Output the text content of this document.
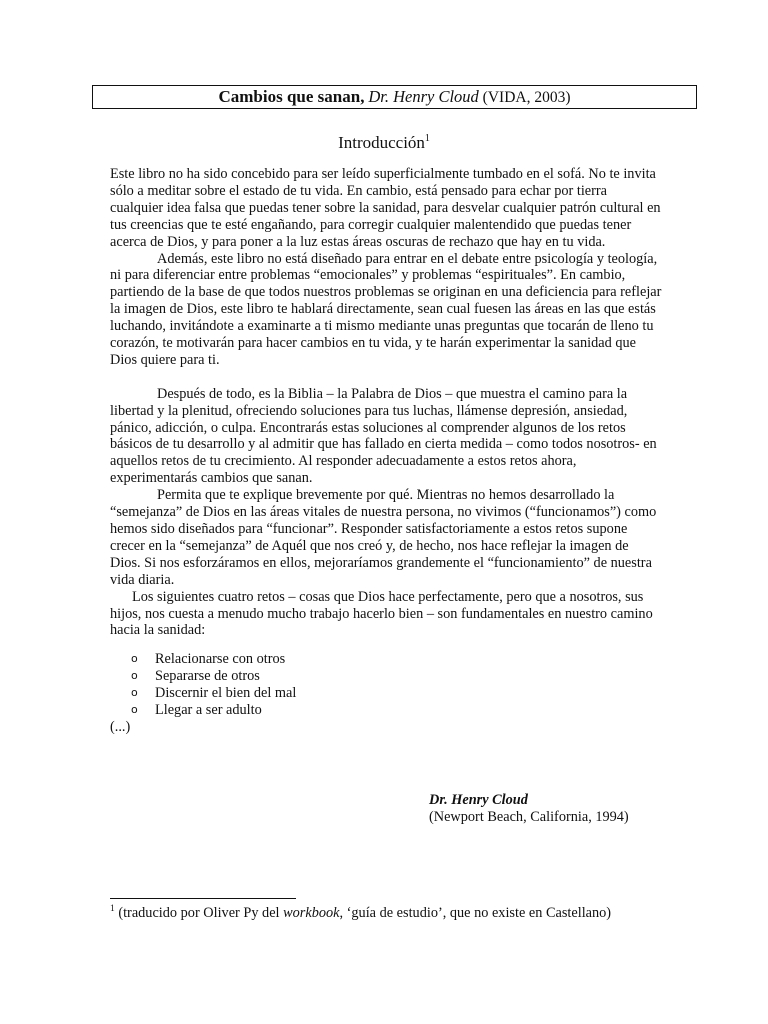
Cambios que sanan, Dr. Henry Cloud (VIDA, 2003)
Introducción$^1$

Este libro no ha sido concebido para ser leído superficialmente tumbado en el sofá. No te invita sólo a meditar sobre el estado de tu vida. En cambio, está pensado para echar por tierra cualquier idea falsa que puedas tener sobre la sanidad, para desvelar cualquier patrón cultural en tus creencias que te esté engañando, para corregir cualquier malentendido que puedas tener acerca de Dios, y para poner a la luz estas áreas oscuras de rechazo que hay en tu vida.

Además, este libro no está diseñado para entrar en el debate entre psicología y teología, ni para diferenciar entre problemas “emocionales” y problemas “espirituales”. En cambio, partiendo de la base de que todos nuestros problemas se originan en una deficiencia para reflejar la imagen de Dios, este libro te hablará directamente, sean cual fuesen las áreas en las que estás luchando, invitándote a examinarte a ti mismo mediante unas preguntas que tocarán de lleno tu corazón, te motivarán para hacer cambios en tu vida, y te harán experimentar la sanidad que Dios quiere para ti.

Después de todo, es la Biblia – la Palabra de Dios – que muestra el camino para la libertad y la plenitud, ofreciendo soluciones para tus luchas, llámense depresión, ansiedad, pánico, adicción, o culpa. Encontrarás estas soluciones al comprender algunos de los retos básicos de tu desarrollo y al admitir que has fallado en cierta medida – como todos nosotros- en aquellos retos de tu crecimiento. Al responder adecuadamente a estos retos ahora, experimentarás cambios que sanan.

Permita que te explique brevemente por qué. Mientras no hemos desarrollado la “semejanza” de Dios en las áreas vitales de nuestra persona, no vivimos (“funcionamos”) como hemos sido diseñados para “funcionar”. Responder satisfactoriamente a estos retos supone crecer en la “semejanza” de Aquél que nos creó y, de hecho, nos hace reflejar la imagen de Dios. Si nos esforzáramos en ellos, mejoraríamos grandemente el “funcionamiento” de nuestra vida diaria.

Los siguientes cuatro retos – cosas que Dios hace perfectamente, pero que a nosotros, sus hijos, nos cuesta a menudo mucho trabajo hacerlo bien – son fundamentales en nuestro camino hacia la sanidad:

o Relacionarse con otros
o Separarse de otros
o Discernir el bien del mal
o Llegar a ser adulto

(...)

Dr. Henry Cloud
(Newport Beach, California, 1994)
$^1$ (traducido por Oliver Py del workbook, ‘guía de estudio’, que no existe en Castellano)
